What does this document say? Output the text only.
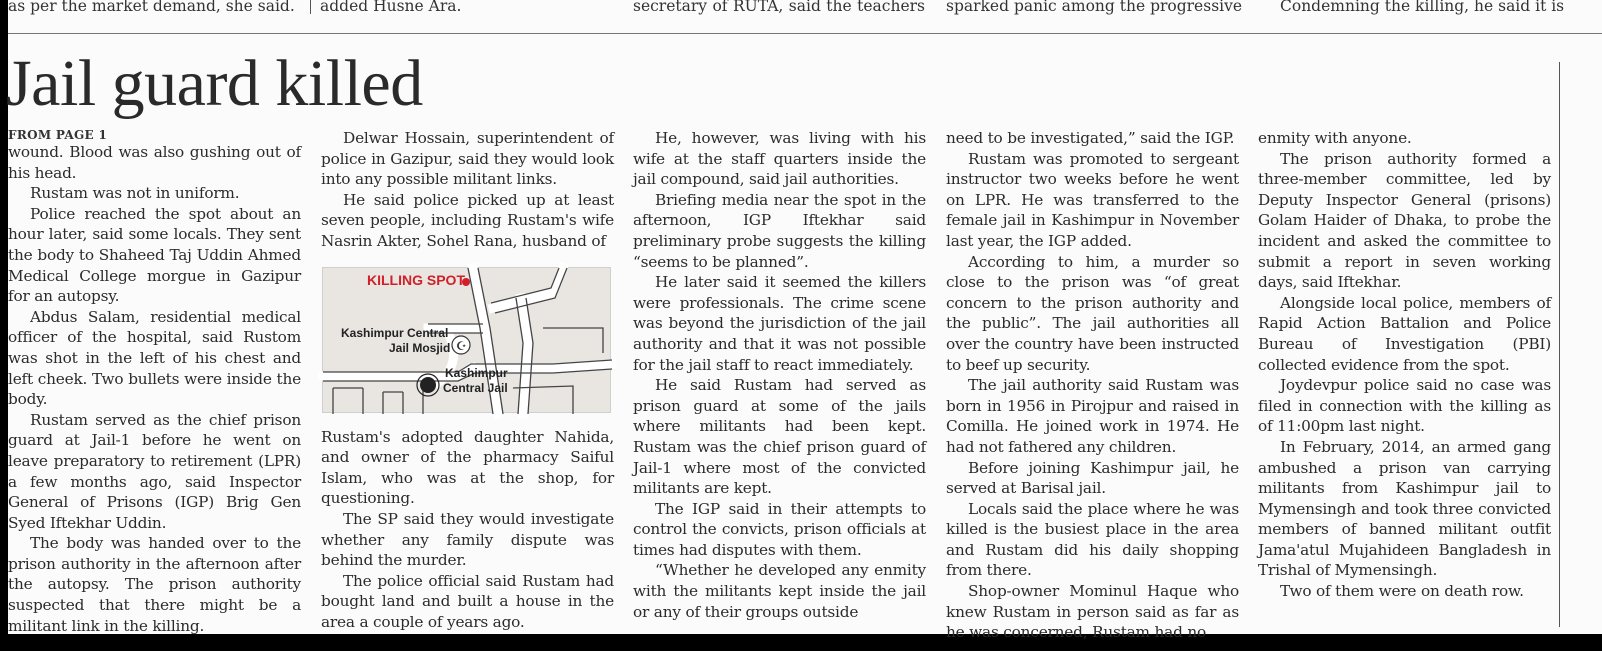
as per the market demand, she said.	added Husne Ara.	secretary of RUTA, said the teachers sparked panic among the progressive Condemning the killing, he said it is
Jail guard killed
FROM PAGE 1

wound. Blood was also gushing out of his head.

Rustam was not in uniform.

Police reached the spot about an hour later, said some locals. They sent the body to Shaheed Taj Uddin Ahmed Medical College morgue in Gazipur for an autopsy.

Abdus Salam, residential medical officer of the hospital, said Rustom was shot in the left of his chest and left cheek. Two bullets were inside the body.

Rustam served as the chief prison guard at Jail-1 before he went on leave preparatory to retirement (LPR) a few months ago, said Inspector General of Prisons (IGP) Brig Gen Syed Iftekhar Uddin.

The body was handed over to the prison authority in the afternoon after the autopsy. The prison authority suspected that there might be a militant link in the killing.

Delwar Hossain, superintendent of police in Gazipur, said they would look into any possible militant links.

He said police picked up at least seven people, including Rustam's wife Nasrin Akter, Sohel Rana, husband of

☪
KILLING SPOT
Kashimpur Central
Jail Mosjid
Kashimpur
Central Jail

Rustam's adopted daughter Nahida, and owner of the pharmacy Saiful Islam, who was at the shop, for questioning.

The SP said they would investigate whether any family dispute was behind the murder.

The police official said Rustam had bought land and built a house in the area a couple of years ago.

He, however, was living with his wife at the staff quarters inside the jail compound, said jail authorities.

Briefing media near the spot in the afternoon, IGP Iftekhar said preliminary probe suggests the killing “seems to be planned”.

He later said it seemed the killers were professionals. The crime scene was beyond the jurisdiction of the jail authority and that it was not possible for the jail staff to react immediately.

He said Rustam had served as prison guard at some of the jails where militants had been kept. Rustam was the chief prison guard of Jail-1 where most of the convicted militants are kept.

The IGP said in their attempts to control the convicts, prison officials at times had disputes with them.

“Whether he developed any enmity with the militants kept inside the jail or any of their groups outside

need to be investigated,” said the IGP.

Rustam was promoted to sergeant instructor two weeks before he went on LPR. He was transferred to the female jail in Kashimpur in November last year, the IGP added.

According to him, a murder so close to the prison was “of great concern to the prison authority and the public”. The jail authorities all over the country have been instructed to beef up security.

The jail authority said Rustam was born in 1956 in Pirojpur and raised in Comilla. He joined work in 1974. He had not fathered any children.

Before joining Kashimpur jail, he served at Barisal jail.

Locals said the place where he was killed is the busiest place in the area and Rustam did his daily shopping from there.

Shop-owner Mominul Haque who knew Rustam in person said as far as he was concerned, Rustam had no

enmity with anyone.

The prison authority formed a three-member committee, led by Deputy Inspector General (prisons) Golam Haider of Dhaka, to probe the incident and asked the committee to submit a report in seven working days, said Iftekhar.

Alongside local police, members of Rapid Action Battalion and Police Bureau of Investigation (PBI) collected evidence from the spot.

Joydevpur police said no case was filed in connection with the killing as of 11:00pm last night.

In February, 2014, an armed gang ambushed a prison van carrying militants from Kashimpur jail to Mymensingh and took three convicted members of banned militant outfit Jama'atul Mujahideen Bangladesh in Trishal of Mymensingh.

Two of them were on death row.
